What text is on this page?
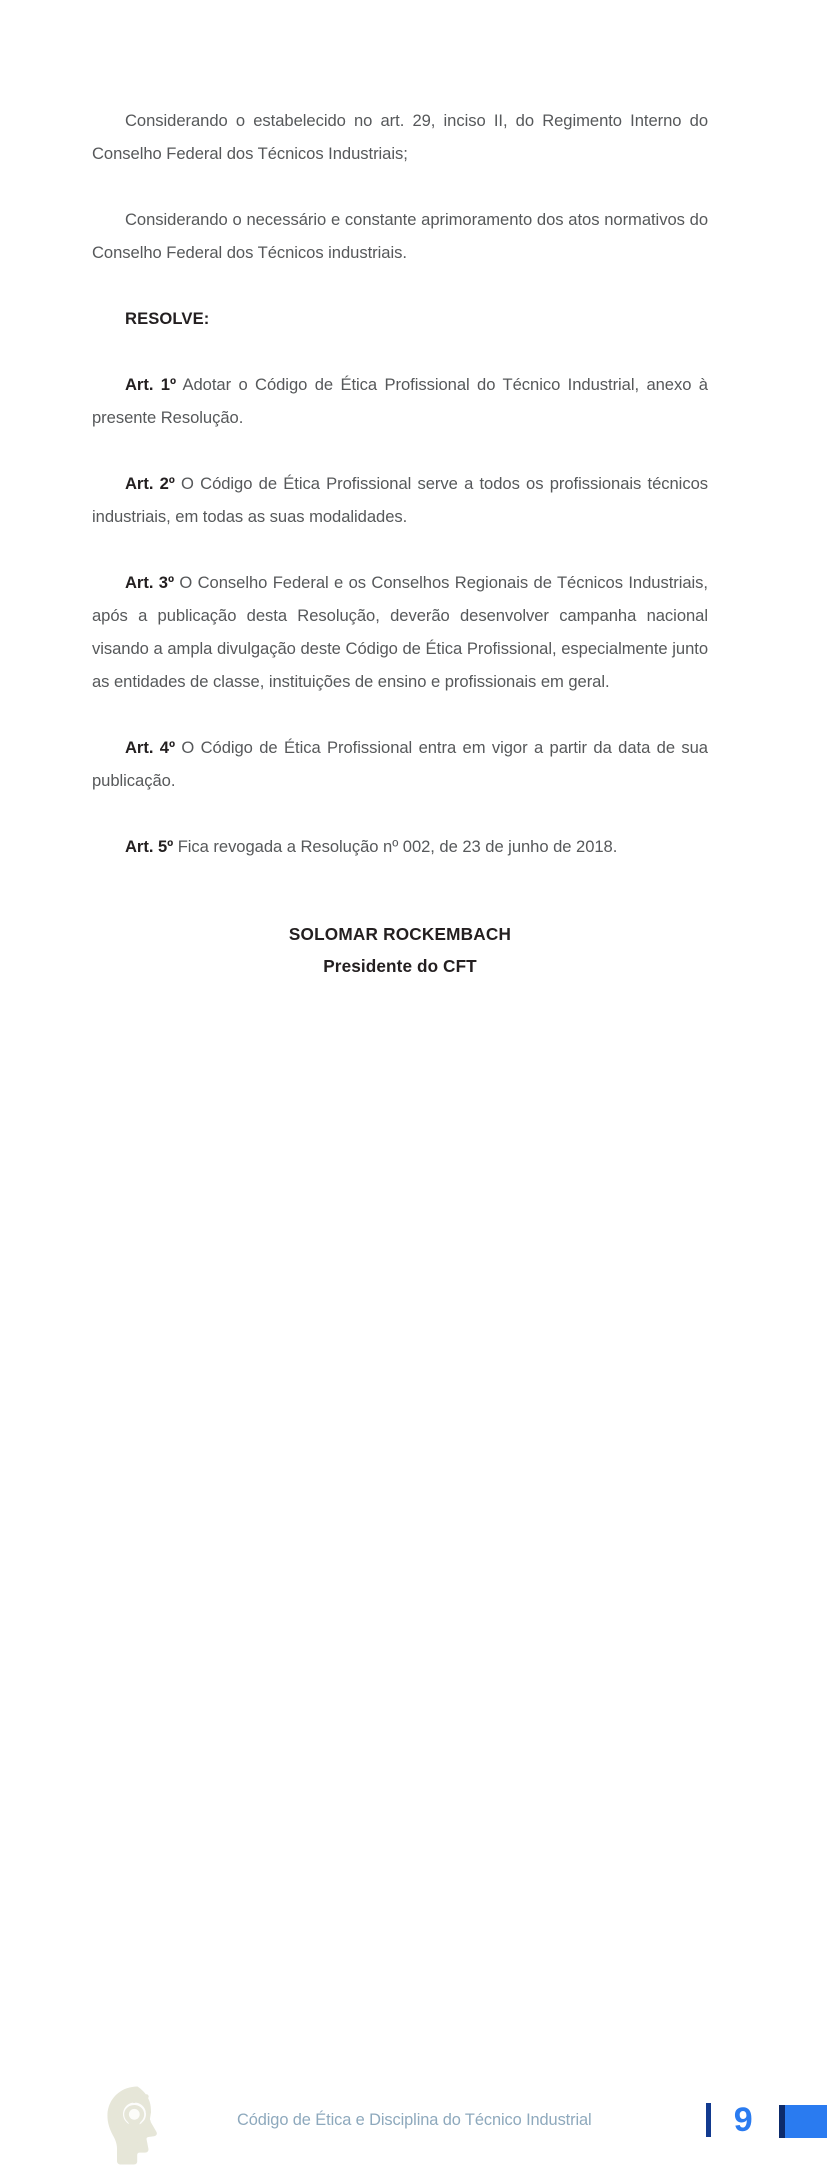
Considerando o estabelecido no art. 29, inciso II, do Regimento Interno do Conselho Federal dos Técnicos Industriais;

Considerando o necessário e constante aprimoramento dos atos normativos do Conselho Federal dos Técnicos industriais.

RESOLVE:

Art. 1º Adotar o Código de Ética Profissional do Técnico Industrial, anexo à presente Resolução.

Art. 2º O Código de Ética Profissional serve a todos os profissionais técnicos industriais, em todas as suas modalidades.

Art. 3º O Conselho Federal e os Conselhos Regionais de Técnicos Industriais, após a publicação desta Resolução, deverão desenvolver campanha nacional visando a ampla divulgação deste Código de Ética Profissional, especialmente junto as entidades de classe, instituições de ensino e profissionais em geral.

Art. 4º O Código de Ética Profissional entra em vigor a partir da data de sua publicação.

Art. 5º Fica revogada a Resolução nº 002, de 23 de junho de 2018.

SOLOMAR ROCKEMBACH
Presidente do CFT
Código de Ética e Disciplina do Técnico Industrial	9
